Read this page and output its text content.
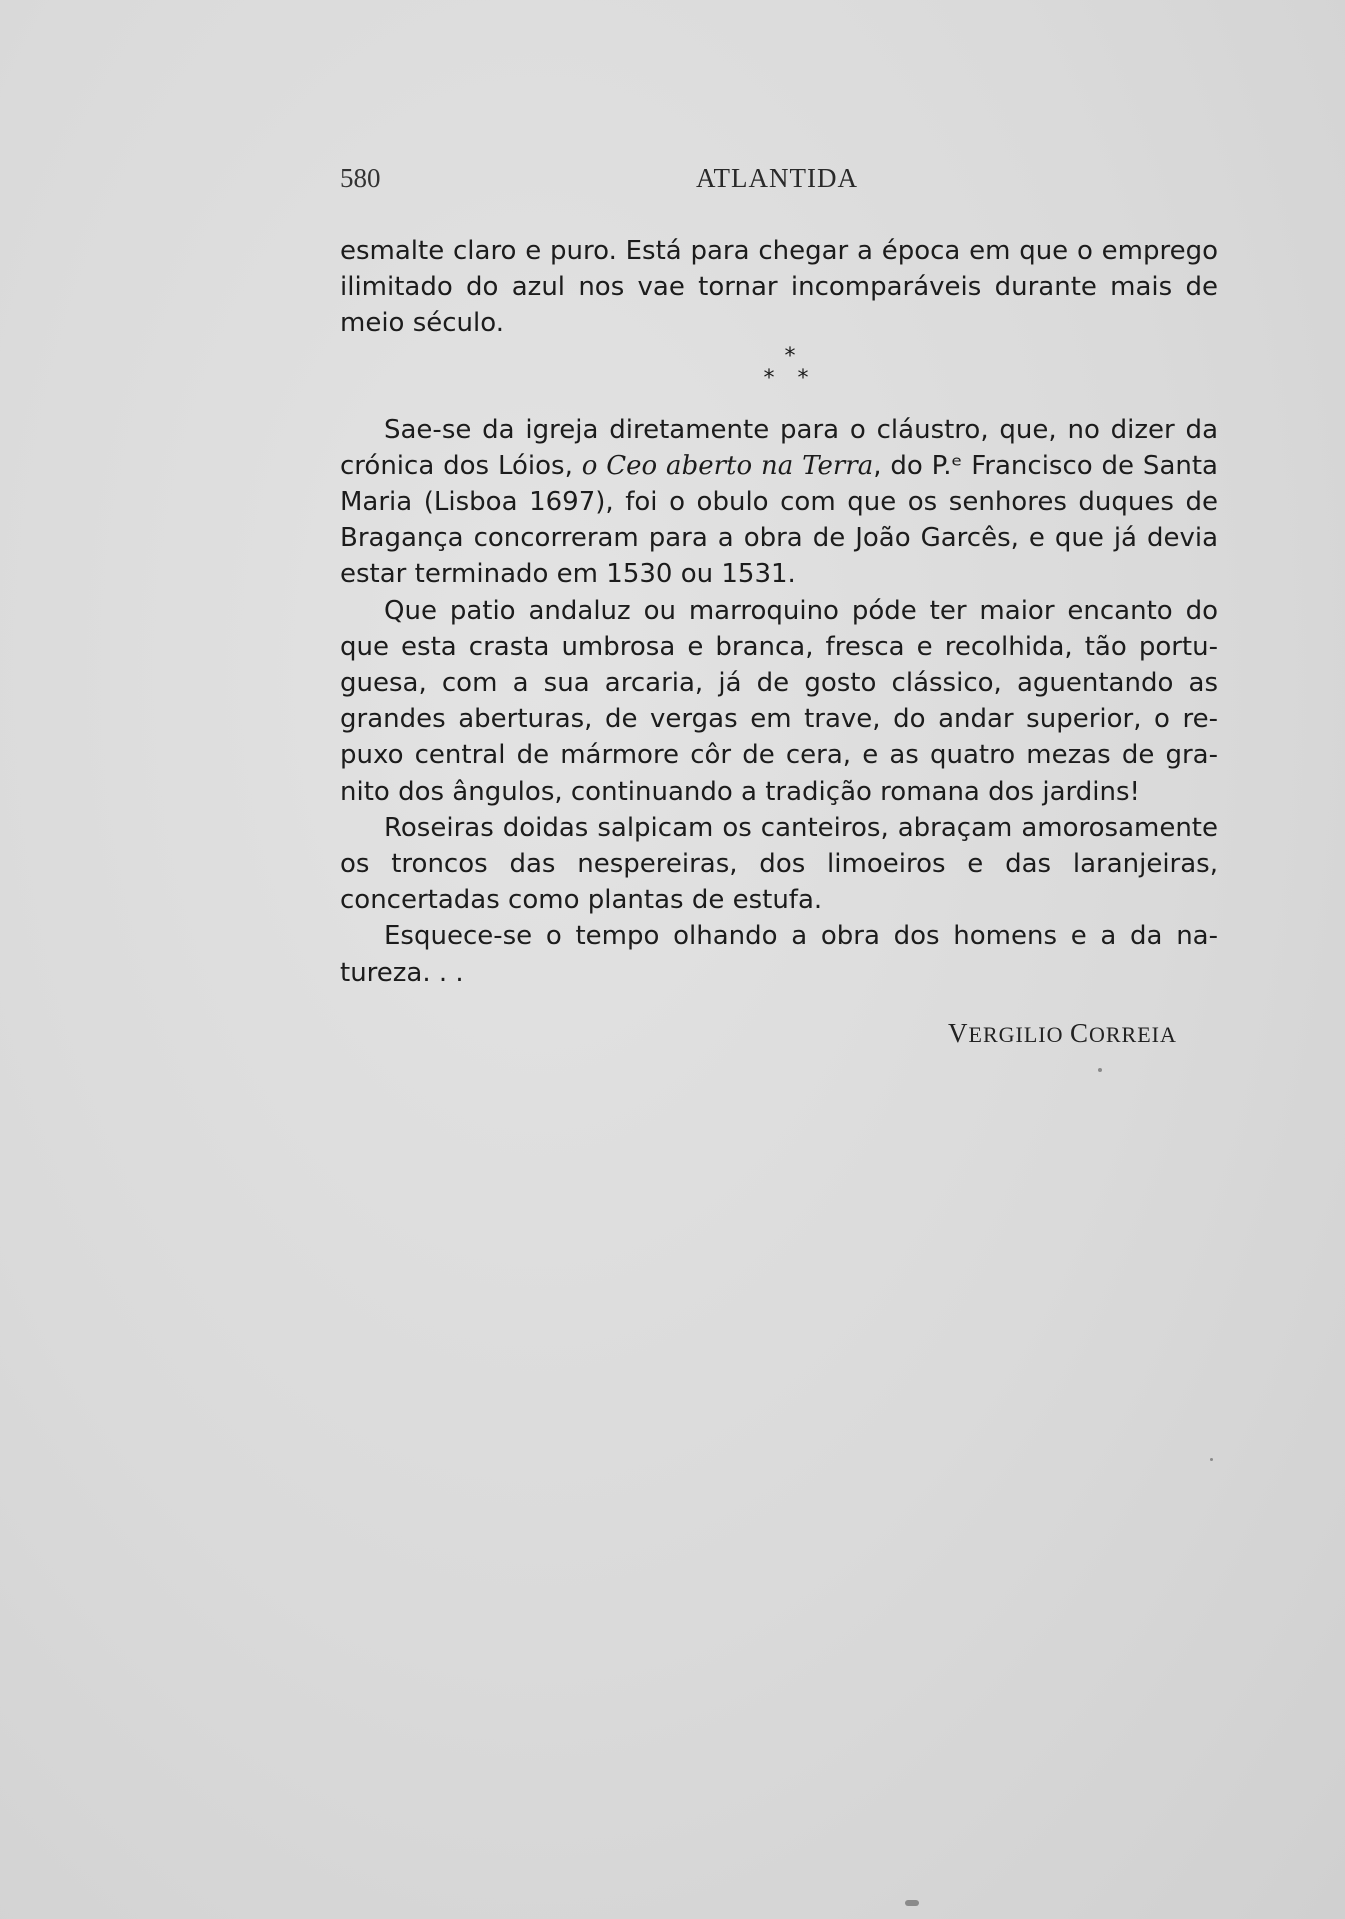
580	ATLANTIDA

esmalte claro e puro. Está para chegar a época em que o emprego ilimitado do azul nos vae tornar incomparáveis durante mais de meio século.

*
* *

Sae-se da igreja diretamente para o cláustro, que, no dizer da crónica dos Lóios, o Ceo aberto na Terra, do P.ᵉ Francisco de Santa Maria (Lisboa 1697), foi o obulo com que os senhores duques de Bragança concorreram para a obra de João Garcês, e que já devia estar terminado em 1530 ou 1531.

Que patio andaluz ou marroquino póde ter maior encanto do que esta crasta umbrosa e branca, fresca e recolhida, tão portuguesa, com a sua arcaria, já de gosto clássico, aguentando as grandes aberturas, de vergas em trave, do andar superior, o repuxo central de mármore côr de cera, e as quatro mezas de granito dos ângulos, continuando a tradição romana dos jardins!

Roseiras doidas salpicam os canteiros, abraçam amorosamente os troncos das nespereiras, dos limoeiros e das laranjeiras, concertadas como plantas de estufa.

Esquece-se o tempo olhando a obra dos homens e a da natureza. . .

VERGILIO CORREIA
